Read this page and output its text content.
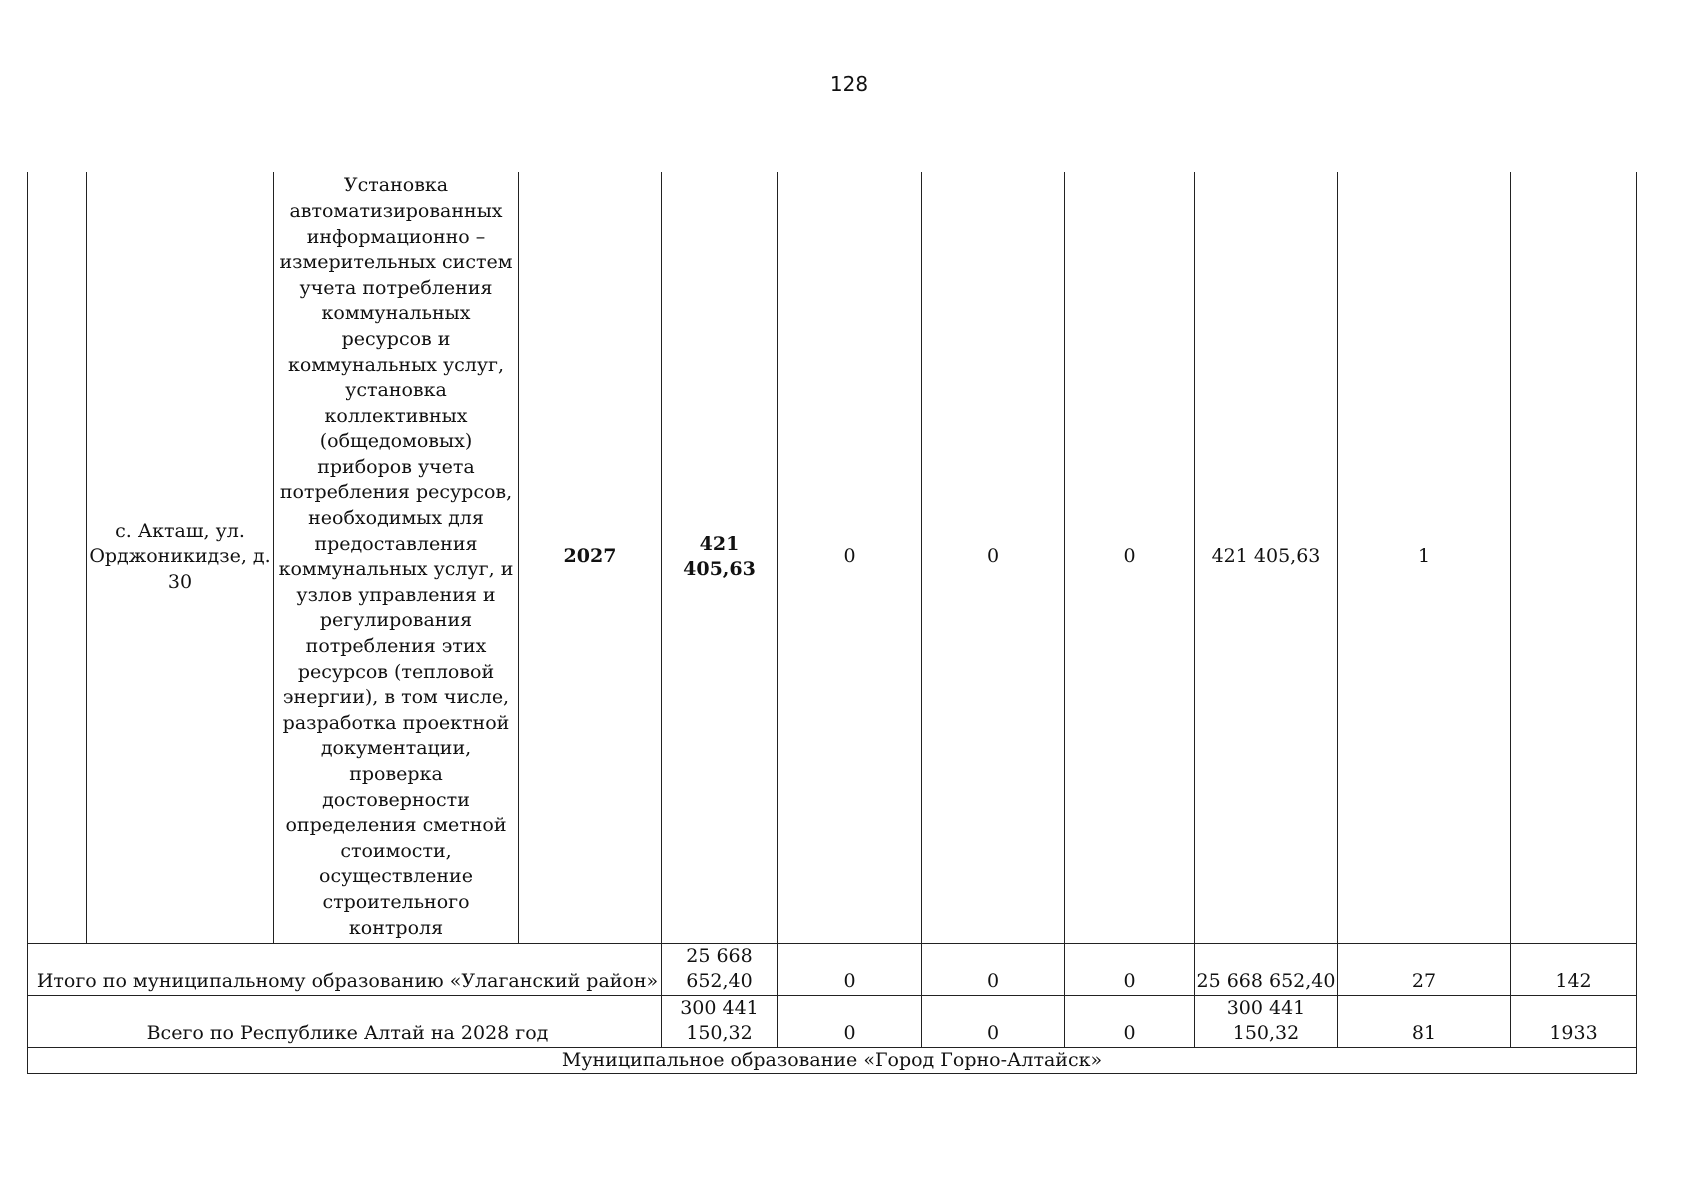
128
	с. Акташ, ул. Орджоникидзе, д. 30	Установка автоматизированных информационно – измерительных систем учета потребления коммунальных ресурсов и коммунальных услуг, установка коллективных (общедомовых) приборов учета потребления ресурсов, необходимых для предоставления коммунальных услуг, и узлов управления и регулирования потребления этих ресурсов (тепловой энергии), в том числе, разработка проектной документации, проверка достоверности определения сметной стоимости, осуществление строительного контроля	2027	421 405,63	0	0	0	421 405,63	1	
Итого по муниципальному образованию «Улаганский район»				25 668 652,40	0	0	0	25 668 652,40	27	142
Всего по Республике Алтай на 2028 год				300 441 150,32	0	0	0	300 441 150,32	81	1933
Муниципальное образование «Город Горно-Алтайск»										
